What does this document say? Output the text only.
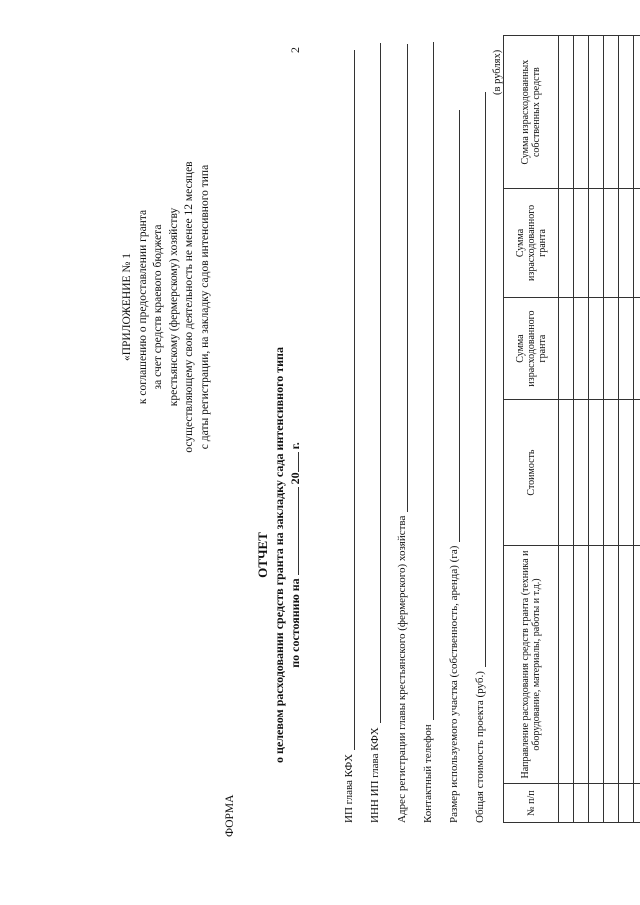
2
«ПРИЛОЖЕНИЕ № 1 к соглашению о предоставлении гранта за счет средств краевого бюджета крестьянскому (фермерскому) хозяйству осуществляющему свою деятельность не менее 12 месяцев с даты регистрации, на закладку садов интенсивного типа
ФОРМА
ОТЧЕТ о целевом расходовании средств гранта на закладку сада интенсивного типа по состоянию на  20 г.
ИП глава КФХ ИНН ИП глава КФХ Адрес регистрации главы крестьянского (фермерского) хозяйства Контактный телефон Размер используемого участка (собственность, аренда) (га) Общая стоимость проекта (руб.)
(в рублях)
№ п/п	Направление расходования средств гранта (техника и оборудование, материалы, работы и т.д.)	Стоимость	Сумма израсходованного гранта	Сумма израсходованного гранта	Сумма израсходованных собственных средств
